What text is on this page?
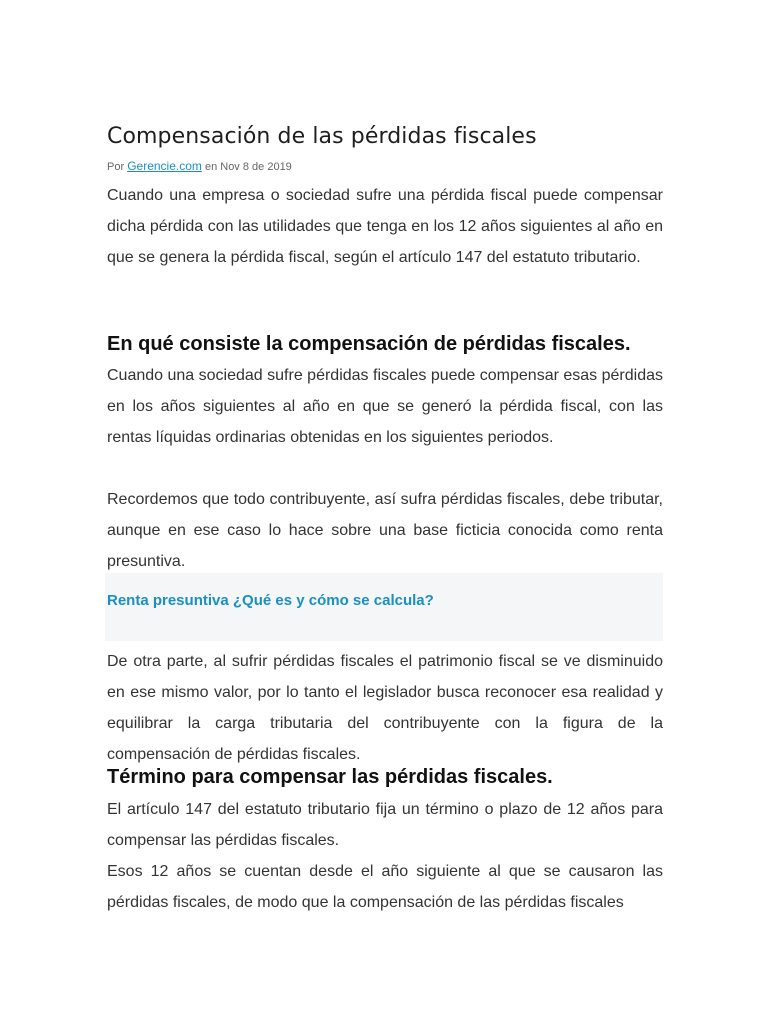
Compensación de las pérdidas fiscales
Por Gerencie.com en Nov 8 de 2019

Cuando una empresa o sociedad sufre una pérdida fiscal puede compensar dicha pérdida con las utilidades que tenga en los 12 años siguientes al año en que se genera la pérdida fiscal, según el artículo 147 del estatuto tributario.

En qué consiste la compensación de pérdidas fiscales.

Cuando una sociedad sufre pérdidas fiscales puede compensar esas pérdidas en los años siguientes al año en que se generó la pérdida fiscal, con las rentas líquidas ordinarias obtenidas en los siguientes periodos.

Recordemos que todo contribuyente, así sufra pérdidas fiscales, debe tributar, aunque en ese caso lo hace sobre una base ficticia conocida como renta presuntiva.

Renta presuntiva ¿Qué es y cómo se calcula?

De otra parte, al sufrir pérdidas fiscales el patrimonio fiscal se ve disminuido en ese mismo valor, por lo tanto el legislador busca reconocer esa realidad y equilibrar la carga tributaria del contribuyente con la figura de la compensación de pérdidas fiscales.

Término para compensar las pérdidas fiscales.

El artículo 147 del estatuto tributario fija un término o plazo de 12 años para compensar las pérdidas fiscales.

Esos 12 años se cuentan desde el año siguiente al que se causaron las pérdidas fiscales, de modo que la compensación de las pérdidas fiscales
